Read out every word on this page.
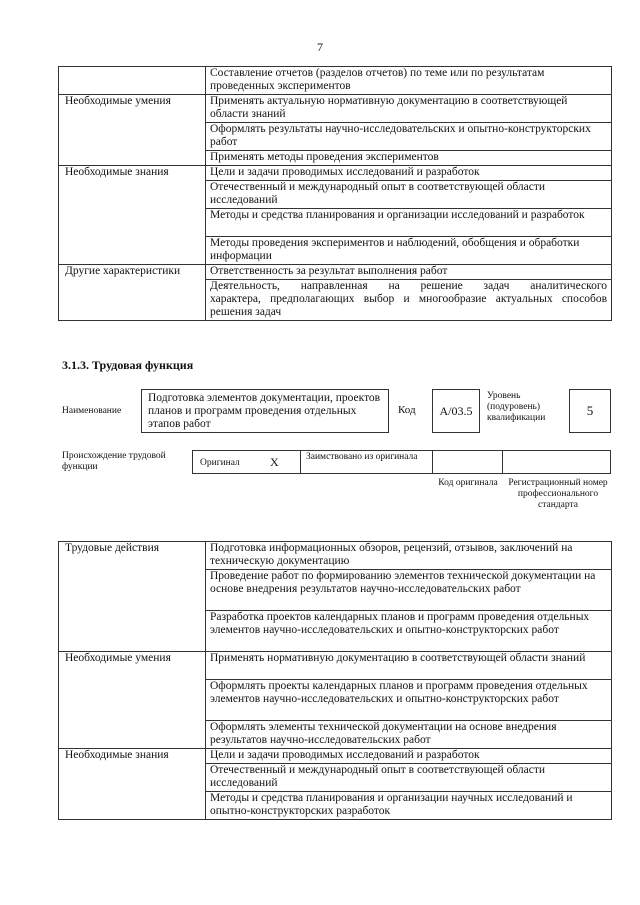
7
	Составление отчетов (разделов отчетов) по теме или по результатам проведенных экспериментов
Необходимые умения	Применять актуальную нормативную документацию в соответствующей области знаний
	Оформлять результаты научно-исследовательских и опытно-конструкторских работ
	Применять методы проведения экспериментов
Необходимые знания	Цели и задачи проводимых исследований и разработок
	Отечественный и международный опыт в соответствующей области исследований
	Методы и средства планирования и организации исследований и разработок
	Методы проведения экспериментов и наблюдений, обобщения и обработки информации
Другие характеристики	Ответственность за результат выполнения работ

	Деятельность, направленная на решение задач аналитического
характера, предполагающих выбор и многообразие актуальных способов
решения задач
3.1.3. Трудовая функция
Наименование
Подготовка элементов документации, проектов планов и программ проведения отдельных этапов работ
Код	A/03.5
Уровень (подуровень) квалификации	5
Происхождение трудовой функции	Оригинал	X	Заимствовано из оригинала
Код оригинала	Регистрационный номер профессионального стандарта
Трудовые действия	Подготовка информационных обзоров, рецензий, отзывов, заключений на техническую документацию
	Проведение работ по формированию элементов технической документации на основе внедрения результатов научно-исследовательских работ
	Разработка проектов календарных планов и программ проведения отдельных элементов научно-исследовательских и опытно-конструкторских работ
Необходимые умения	Применять нормативную документацию в соответствующей области знаний
	Оформлять проекты календарных планов и программ проведения отдельных элементов научно-исследовательских и опытно-конструкторских работ
	Оформлять элементы технической документации на основе внедрения результатов научно-исследовательских работ
Необходимые знания	Цели и задачи проводимых исследований и разработок
	Отечественный и международный опыт в соответствующей области исследований
	Методы и средства планирования и организации научных исследований и опытно-конструкторских разработок
